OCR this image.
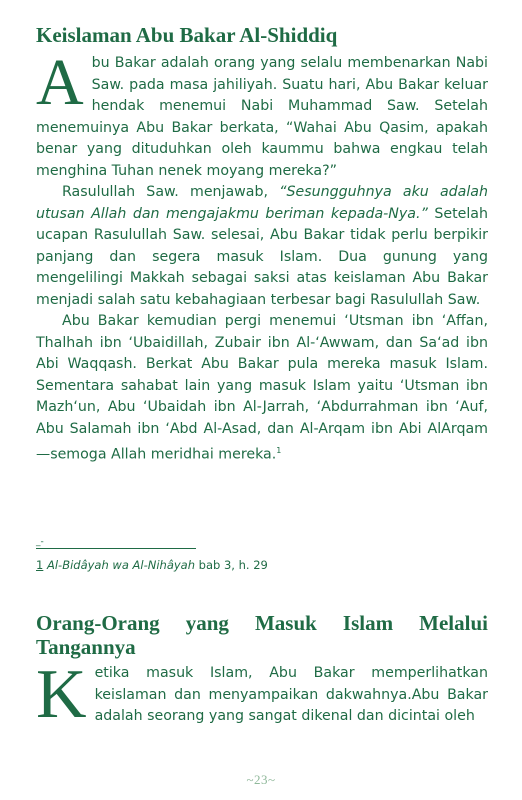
Keislaman Abu Bakar Al-Shiddiq

Abu Bakar adalah orang yang selalu membenarkan Nabi Saw. pada masa jahiliyah. Suatu hari, Abu Bakar keluar hendak menemui Nabi Muhammad Saw. Setelah menemuinya Abu Bakar berkata, “Wahai Abu Qasim, apakah benar yang dituduhkan oleh kaummu bahwa engkau telah menghina Tuhan nenek moyang mereka?”

Rasulullah Saw. menjawab, “Sesungguhnya aku adalah utusan Allah dan mengajakmu beriman kepada-Nya.” Setelah ucapan Rasulullah Saw. selesai, Abu Bakar tidak perlu berpikir panjang dan segera masuk Islam. Dua gunung yang mengelilingi Makkah sebagai saksi atas keislaman Abu Bakar menjadi salah satu kebahagiaan terbesar bagi Rasulullah Saw.

Abu Bakar kemudian pergi menemui ‘Utsman ibn ‘Affan, Thalhah ibn ‘Ubaidillah, Zubair ibn Al-‘Awwam, dan Sa‘ad ibn Abi Waqqash. Berkat Abu Bakar pula mereka masuk Islam. Sementara sahabat lain yang masuk Islam yaitu ‘Utsman ibn Mazh‘un, Abu ‘Ubaidah ibn Al-Jarrah, ‘Abdurrahman ibn ‘Auf, Abu Salamah ibn ‘Abd Al-Asad, dan Al-Arqam ibn Abi AlArqam—semoga Allah meridhai mereka.$^1$

_-
1 Al-Bidâyah wa Al-Nihâyah bab 3, h. 29
Orang-Orang yang Masuk Islam Melalui
Tangannya

Ketika masuk Islam, Abu Bakar memperlihatkan keislaman dan menyampaikan dakwahnya.Abu Bakar adalah seorang yang sangat dikenal dan dicintai oleh

~23~
